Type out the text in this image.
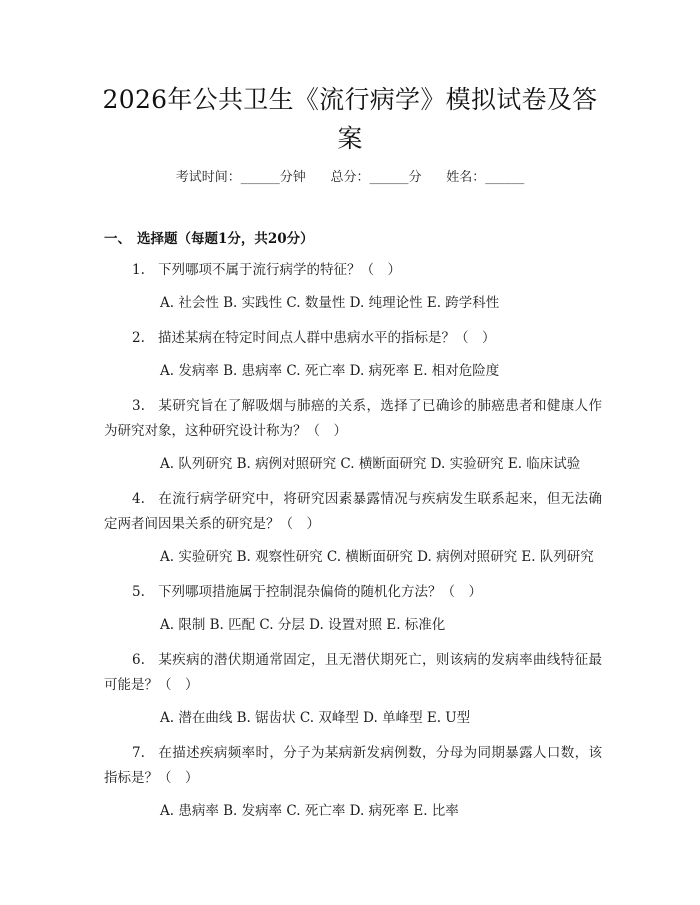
2026年公共卫生《流行病学》模拟试卷及答案
考试时间：______分钟      总分：______分      姓名：______
一、 选择题（每题1分，共20分）

1. 下列哪项不属于流行病学的特征？（　）

A. 社会性 B. 实践性 C. 数量性 D. 纯理论性 E. 跨学科性

2. 描述某病在特定时间点人群中患病水平的指标是？（　）

A. 发病率 B. 患病率 C. 死亡率 D. 病死率 E. 相对危险度

3. 某研究旨在了解吸烟与肺癌的关系，选择了已确诊的肺癌患者和健康人作为研究对象，这种研究设计称为？（　）

A. 队列研究 B. 病例对照研究 C. 横断面研究 D. 实验研究 E. 临床试验

4. 在流行病学研究中，将研究因素暴露情况与疾病发生联系起来，但无法确定两者间因果关系的研究是？（　）

A. 实验研究 B. 观察性研究 C. 横断面研究 D. 病例对照研究 E. 队列研究

5. 下列哪项措施属于控制混杂偏倚的随机化方法？（　）

A. 限制 B. 匹配 C. 分层 D. 设置对照 E. 标准化

6. 某疾病的潜伏期通常固定，且无潜伏期死亡，则该病的发病率曲线特征最可能是？（　）

A. 潜在曲线 B. 锯齿状 C. 双峰型 D. 单峰型 E. U型

7. 在描述疾病频率时，分子为某病新发病例数，分母为同期暴露人口数，该指标是？（　）

A. 患病率 B. 发病率 C. 死亡率 D. 病死率 E. 比率
